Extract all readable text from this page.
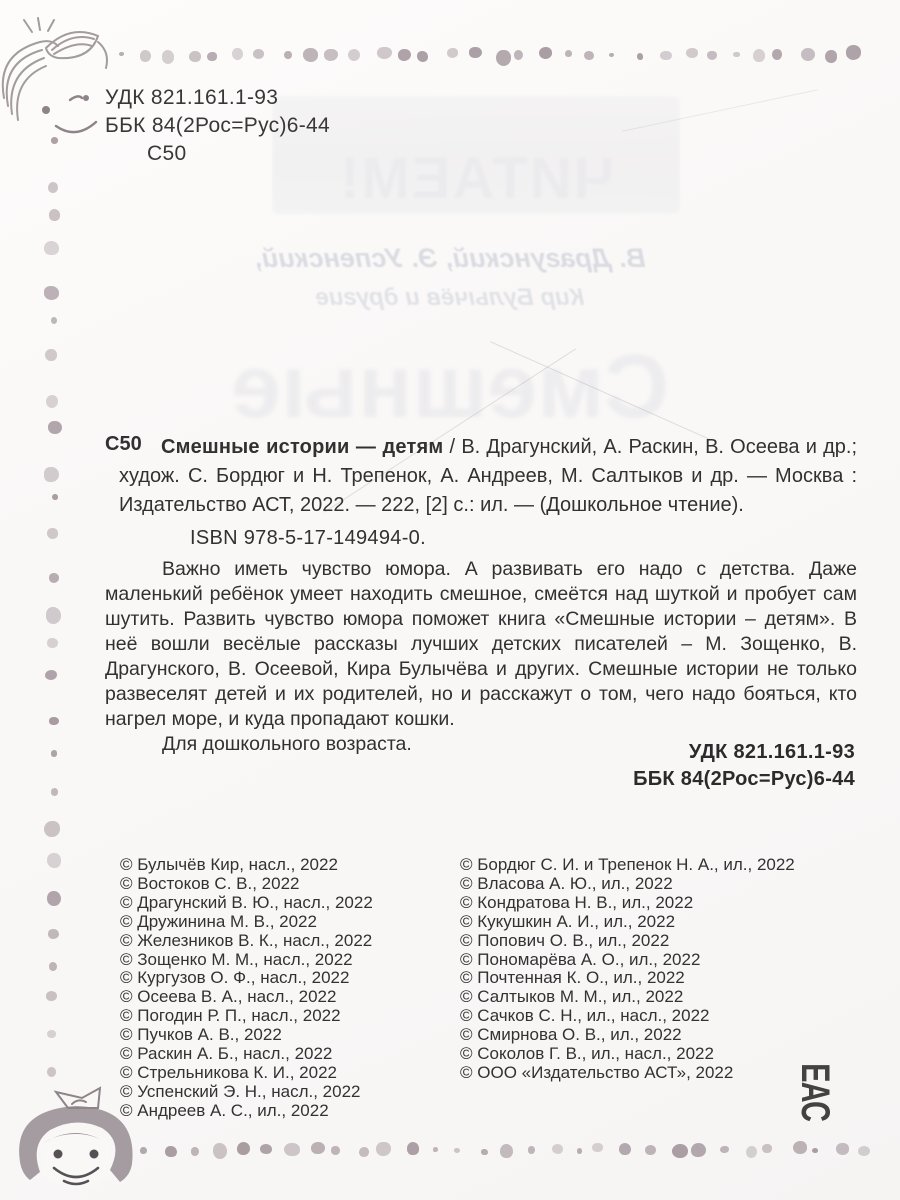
ЧИТАЕМ!
В. Драгунский, Э. Успенский,
Кир Булычёв и другие
Смешные
УДК 821.161.1-93
ББК 84(2Рос=Рус)6-44
С50
С50 Смешные истории — детям / В. Драгунский, А. Раскин, В. Осеева и др.; худож. С. Бордюг и Н. Трепенок, А. Андреев, М. Салтыков и др. — Москва : Издательство АСТ, 2022. — 222, [2] с.: ил. — (Дошкольное чтение).

ISBN 978-5-17-149494-0.

Важно иметь чувство юмора. А развивать его надо с детства. Даже маленький ребёнок умеет находить смешное, смеётся над шуткой и пробует сам шутить. Развить чувство юмора поможет книга «Смешные истории – детям». В неё вошли весёлые рассказы лучших детских писателей – М. Зощенко, В. Драгунского, В. Осеевой, Кира Булычёва и других. Смешные истории не только развеселят детей и их родителей, но и расскажут о том, чего надо бояться, кто нагрел море, и куда пропадают кошки.

Для дошкольного возраста.	УДК 821.161.1-93
ББК 84(2Рос=Рус)6-44
© Булычёв Кир, насл., 2022
© Востоков С. В., 2022
© Драгунский В. Ю., насл., 2022
© Дружинина М. В., 2022
© Железников В. К., насл., 2022
© Зощенко М. М., насл., 2022
© Кургузов О. Ф., насл., 2022
© Осеева В. А., насл., 2022
© Погодин Р. П., насл., 2022
© Пучков А. В., 2022
© Раскин А. Б., насл., 2022
© Стрельникова К. И., 2022
© Успенский Э. Н., насл., 2022
© Андреев А. С., ил., 2022
© Бордюг С. И. и Трепенок Н. А., ил., 2022
© Власова А. Ю., ил., 2022
© Кондратова Н. В., ил., 2022
© Кукушкин А. И., ил., 2022
© Попович О. В., ил., 2022
© Пономарёва А. О., ил., 2022
© Почтенная К. О., ил., 2022
© Салтыков М. М., ил., 2022
© Сачков С. Н., ил., насл., 2022
© Смирнова О. В., ил., 2022
© Соколов Г. В., ил., насл., 2022
© ООО «Издательство АСТ», 2022	ЕАС
